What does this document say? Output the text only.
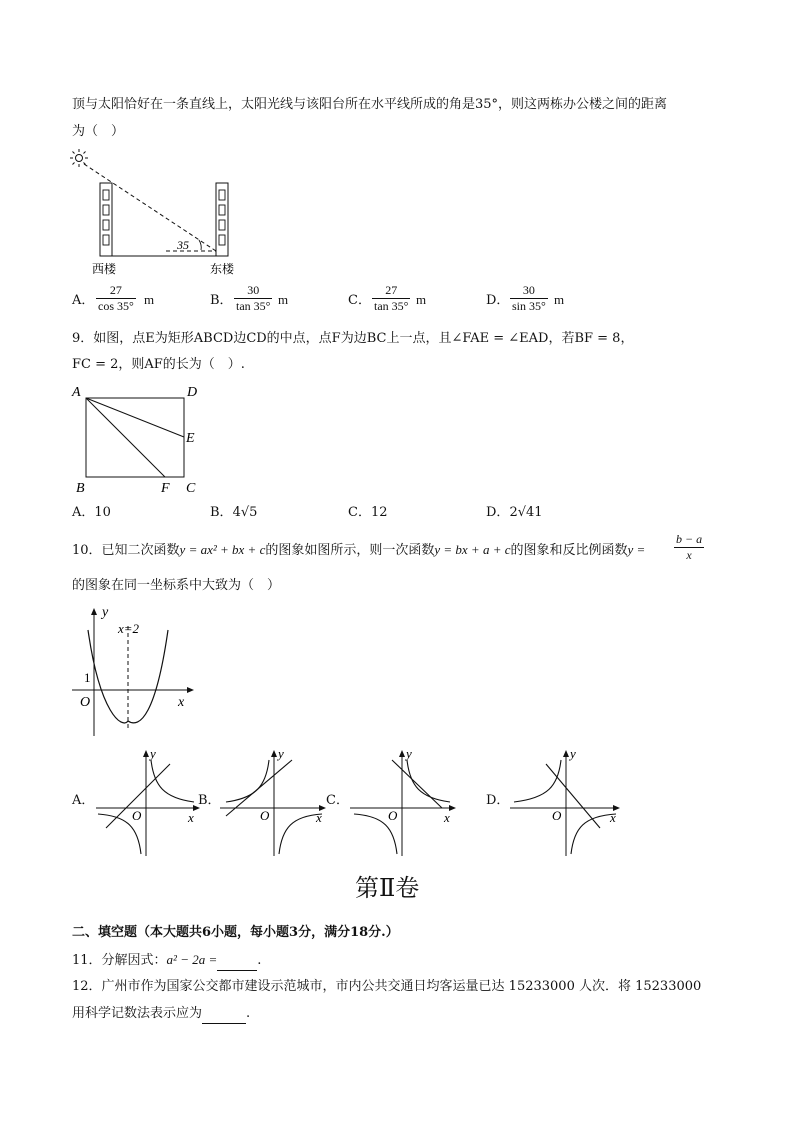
顶与太阳恰好在一条直线上，太阳光线与该阳台所在水平线所成的角是35°，则这两栋办公楼之间的距离
为（　）
35
西楼	东楼
A． $\frac{27}{\cos 35^\circ}$ m	B． $\frac{30}{\tan 35^\circ}$ m	C． $\frac{27}{\tan 35^\circ}$ m	D． $\frac{30}{\sin 35^\circ}$ m
9．如图，点E为矩形ABCD边CD的中点，点F为边BC上一点，且∠FAE = ∠EAD，若BF = 8，
FC = 2，则AF的长为（　）.
A	D
E
B	F C
A．10	B．4√5	C．12	D．2√41
10．已知二次函数y = ax² + bx + c的图象如图所示，则一次函数y = bx + a + c的图象和反比例函数$y = \frac{b - a}{x}$
的图象在同一坐标系中大致为（　）
y
x=2
1
O	x
A．
y
O	x
B．
y
O	x
C．
y
O	x
D．
y
O	x
第Ⅱ卷
二、填空题（本大题共6小题，每小题3分，满分18分.）
11．分解因式：a² − 2a =	.
12．广州市作为国家公交都市建设示范城市，市内公共交通日均客运量已达 15233000 人次．将 15233000
用科学记数法表示应为	.
